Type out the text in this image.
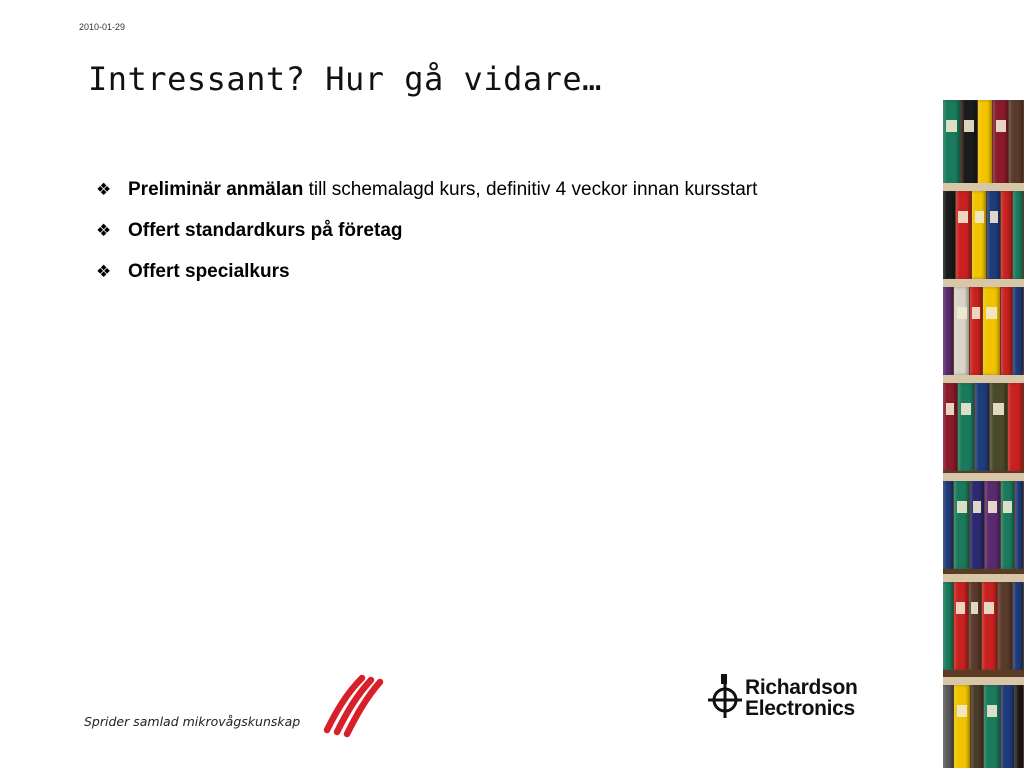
2010-01-29
Intressant? Hur gå vidare…
❖ Preliminär anmälan till schemalagd kurs, definitiv 4 veckor innan kursstart
❖ Offert standardkurs på företag
❖ Offert specialkurs

Sprider samlad mikrovågskunskap

Richardson
Electronics
